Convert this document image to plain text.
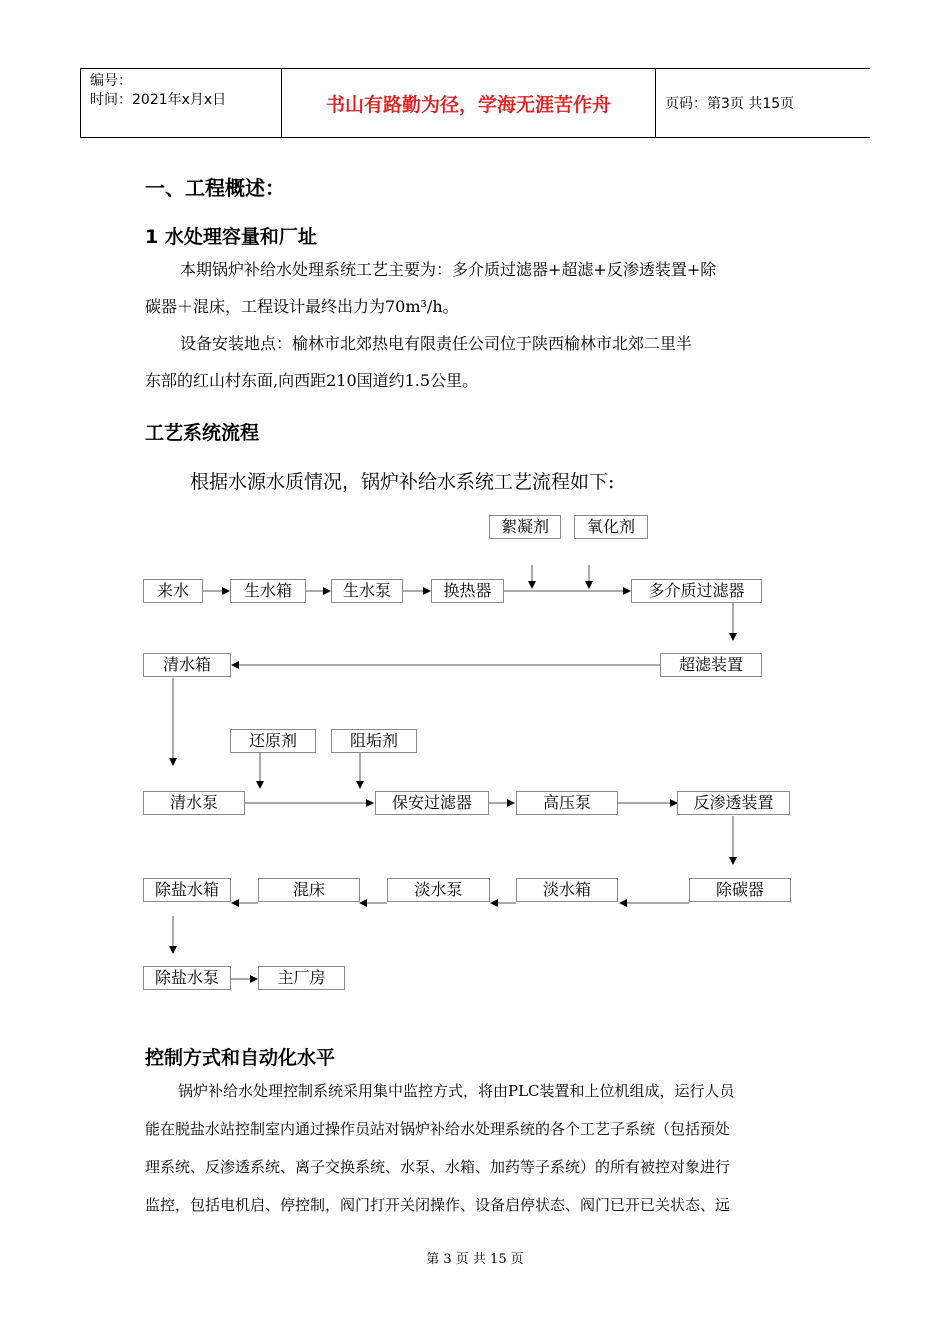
编号：
时间：2021年x月x日	书山有路勤为径，学海无涯苦作舟	页码：第3页 共15页
一、工程概述：
1 水处理容量和厂址
本期锅炉补给水处理系统工艺主要为：多介质过滤器+超滤+反渗透装置+除
碳器＋混床，工程设计最终出力为70m³/h。
设备安装地点：榆林市北郊热电有限责任公司位于陕西榆林市北郊二里半
东部的红山村东面,向西距210国道约1.5公里。
工艺系统流程
根据水源水质情况，锅炉补给水系统工艺流程如下:
絮凝剂	氧化剂
来水	生水箱	生水泵	换热器	多介质过滤器
清水箱	超滤装置
还原剂	阻垢剂
清水泵	保安过滤器	高压泵	反渗透装置
除盐水箱	混床	淡水泵	淡水箱	除碳器
除盐水泵	主厂房
控制方式和自动化水平
锅炉补给水处理控制系统采用集中监控方式，将由PLC装置和上位机组成，运行人员
能在脱盐水站控制室内通过操作员站对锅炉补给水处理系统的各个工艺子系统（包括预处
理系统、反渗透系统、离子交换系统、水泵、水箱、加药等子系统）的所有被控对象进行
监控，包括电机启、停控制，阀门打开关闭操作、设备启停状态、阀门已开已关状态、远
第 3 页 共 15 页
